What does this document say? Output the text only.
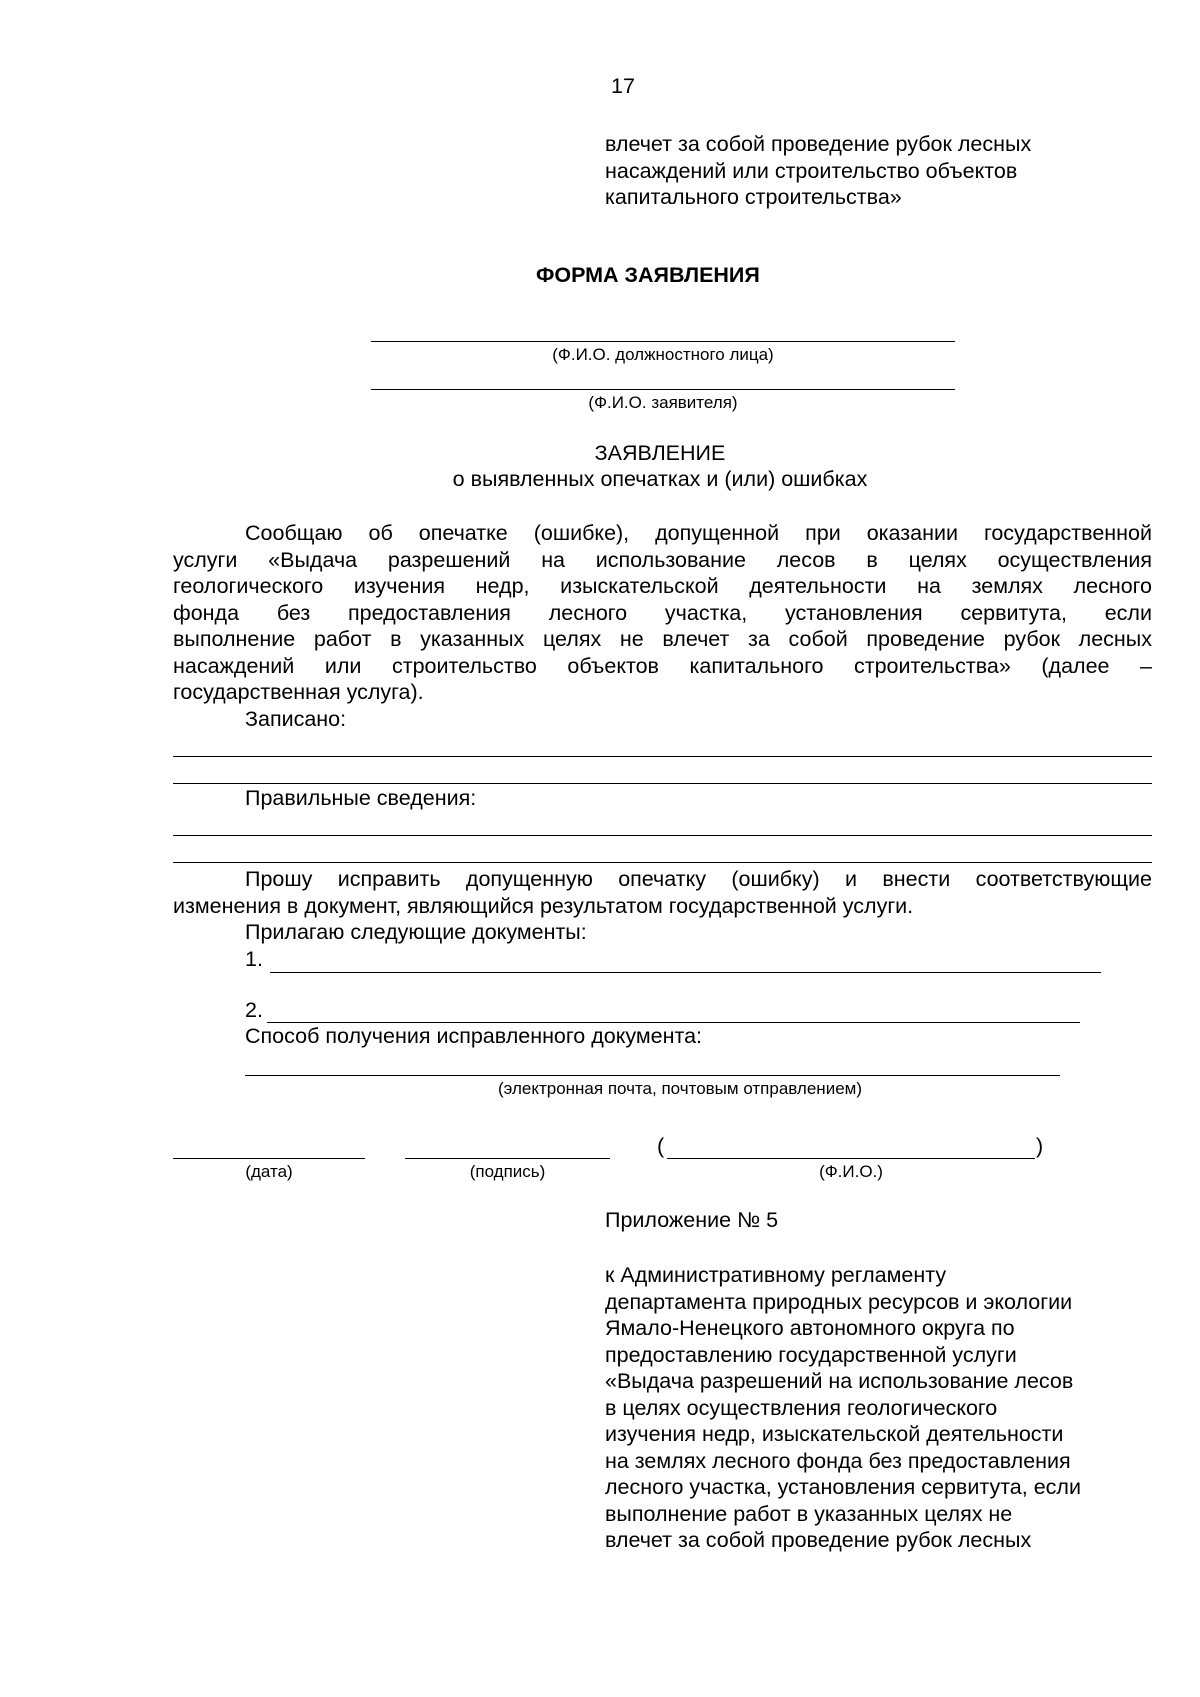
17
влечет за собой проведение рубок лесных
насаждений или строительство объектов
капитального строительства»
ФОРМА ЗАЯВЛЕНИЯ
(Ф.И.О. должностного лица)
(Ф.И.О. заявителя)
ЗАЯВЛЕНИЕ
о выявленных опечатках и (или) ошибках
Сообщаю об опечатке (ошибке), допущенной при оказании государственной
услуги «Выдача разрешений на использование лесов в целях осуществления
геологического изучения недр, изыскательской деятельности на землях лесного
фонда без предоставления лесного участка, установления сервитута, если
выполнение работ в указанных целях не влечет за собой проведение рубок лесных
насаждений или строительство объектов капитального строительства» (далее –
государственная услуга).
Записано:
Правильные сведения:
Прошу исправить допущенную опечатку (ошибку) и внести соответствующие
изменения в документ, являющийся результатом государственной услуги.
Прилагаю следующие документы:
1.
2.
Способ получения исправленного документа:
(электронная почта, почтовым отправлением)
(дата)	(подпись)
(	)
(Ф.И.О.)
Приложение № 5
к Административному регламенту
департамента природных ресурсов и экологии
Ямало-Ненецкого автономного округа по
предоставлению государственной услуги
«Выдача разрешений на использование лесов
в целях осуществления геологического
изучения недр, изыскательской деятельности
на землях лесного фонда без предоставления
лесного участка, установления сервитута, если
выполнение работ в указанных целях не
влечет за собой проведение рубок лесных
